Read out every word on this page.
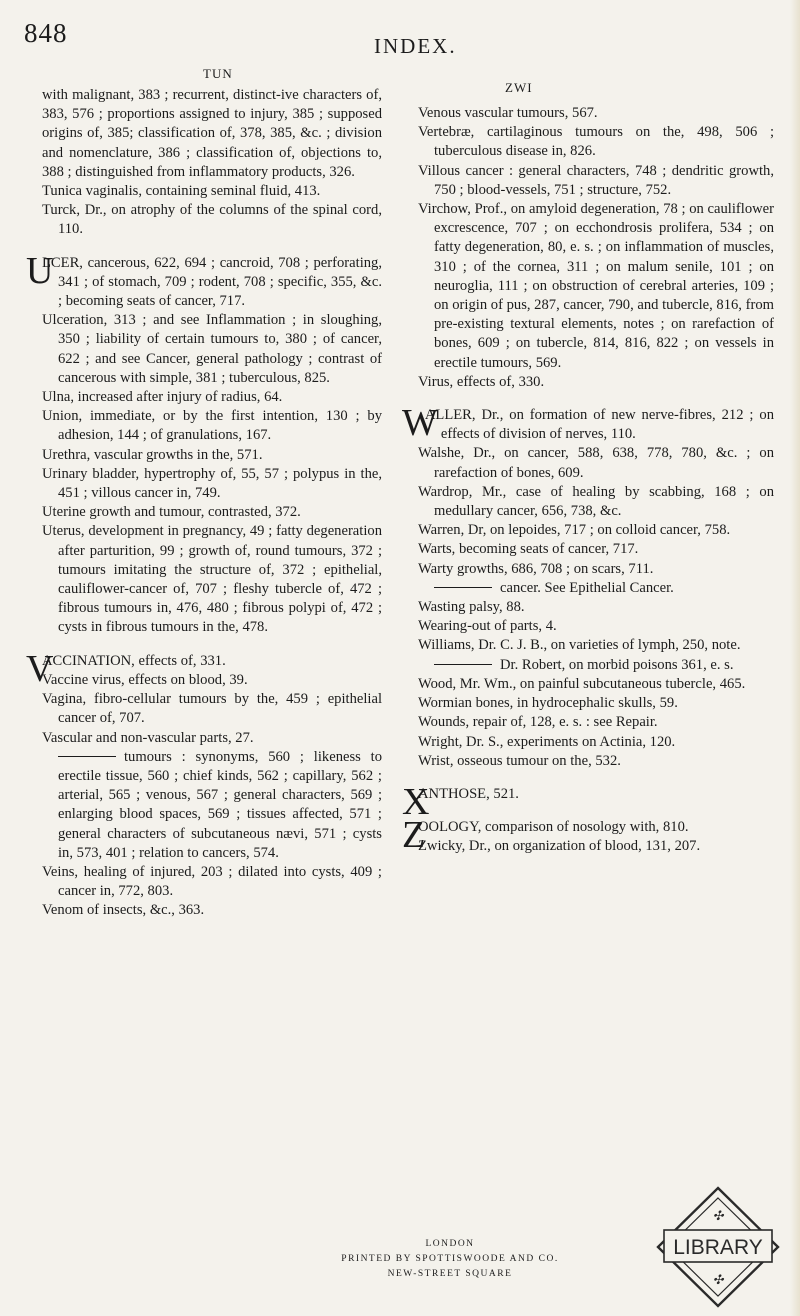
848	INDEX.
TUN
ZWI

with malignant, 383 ; recurrent, distinct-ive characters of, 383, 576 ; proportions assigned to injury, 385 ; supposed origins of, 385; classification of, 378, 385, &c. ; division and nomenclature, 386 ; classification of, objections to, 388 ; distinguished from inflammatory products, 326.

Tunica vaginalis, containing seminal fluid, 413.

Turck, Dr., on atrophy of the columns of the spinal cord, 110.

U
LCER, cancerous, 622, 694 ; cancroid, 708 ; perforating, 341 ; of stomach, 709 ; rodent, 708 ; specific, 355, &c. ; becoming seats of cancer, 717.

Ulceration, 313 ; and see Inflammation ; in sloughing, 350 ; liability of certain tumours to, 380 ; of cancer, 622 ; and see Cancer, general pathology ; contrast of cancerous with simple, 381 ; tuberculous, 825.

Ulna, increased after injury of radius, 64.

Union, immediate, or by the first intention, 130 ; by adhesion, 144 ; of granulations, 167.

Urethra, vascular growths in the, 571.

Urinary bladder, hypertrophy of, 55, 57 ; polypus in the, 451 ; villous cancer in, 749.

Uterine growth and tumour, contrasted, 372.

Uterus, development in pregnancy, 49 ; fatty degeneration after parturition, 99 ; growth of, round tumours, 372 ; tumours imitating the structure of, 372 ; epithelial, cauliflower-cancer of, 707 ; fleshy tubercle of, 472 ; fibrous tumours in, 476, 480 ; fibrous polypi of, 472 ; cysts in fibrous tumours in the, 478.

V
ACCINATION, effects of, 331.

Vaccine virus, effects on blood, 39.

Vagina, fibro-cellular tumours by the, 459 ; epithelial cancer of, 707.

Vascular and non-vascular parts, 27.

tumours : synonyms, 560 ; likeness to erectile tissue, 560 ; chief kinds, 562 ; capillary, 562 ; arterial, 565 ; venous, 567 ; general characters, 569 ; enlarging blood spaces, 569 ; tissues affected, 571 ; general characters of subcutaneous nævi, 571 ; cysts in, 573, 401 ; relation to cancers, 574.

Veins, healing of injured, 203 ; dilated into cysts, 409 ; cancer in, 772, 803.

Venom of insects, &c., 363.

Venous vascular tumours, 567.

Vertebræ, cartilaginous tumours on the, 498, 506 ; tuberculous disease in, 826.

Villous cancer : general characters, 748 ; dendritic growth, 750 ; blood-vessels, 751 ; structure, 752.

Virchow, Prof., on amyloid degeneration, 78 ; on cauliflower excrescence, 707 ; on ecchondrosis prolifera, 534 ; on fatty degeneration, 80, e. s. ; on inflammation of muscles, 310 ; of the cornea, 311 ; on malum senile, 101 ; on neuroglia, 111 ; on obstruction of cerebral arteries, 109 ; on origin of pus, 287, cancer, 790, and tubercle, 816, from pre-existing textural elements, notes ; on rarefaction of bones, 609 ; on tubercle, 814, 816, 822 ; on vessels in erectile tumours, 569.

Virus, effects of, 330.

W
ALLER, Dr., on formation of new nerve-fibres, 212 ; on effects of division of nerves, 110.

Walshe, Dr., on cancer, 588, 638, 778, 780, &c. ; on rarefaction of bones, 609.

Wardrop, Mr., case of healing by scabbing, 168 ; on medullary cancer, 656, 738, &c.

Warren, Dr, on lepoides, 717 ; on colloid cancer, 758.

Warts, becoming seats of cancer, 717.

Warty growths, 686, 708 ; on scars, 711.

cancer. See Epithelial Cancer.

Wasting palsy, 88.

Wearing-out of parts, 4.

Williams, Dr. C. J. B., on varieties of lymph, 250, note.

Dr. Robert, on morbid poisons 361, e. s.

Wood, Mr. Wm., on painful subcutaneous tubercle, 465.

Wormian bones, in hydrocephalic skulls, 59.

Wounds, repair of, 128, e. s. : see Repair.

Wright, Dr. S., experiments on Actinia, 120.

Wrist, osseous tumour on the, 532.

X
ANTHOSE, 521.

Z
OOLOGY, comparison of nosology with, 810.

Zwicky, Dr., on organization of blood, 131, 207.

LONDON
PRINTED BY SPOTTISWOODE AND CO.
NEW-STREET SQUARE
LIBRARY
✣
✣
